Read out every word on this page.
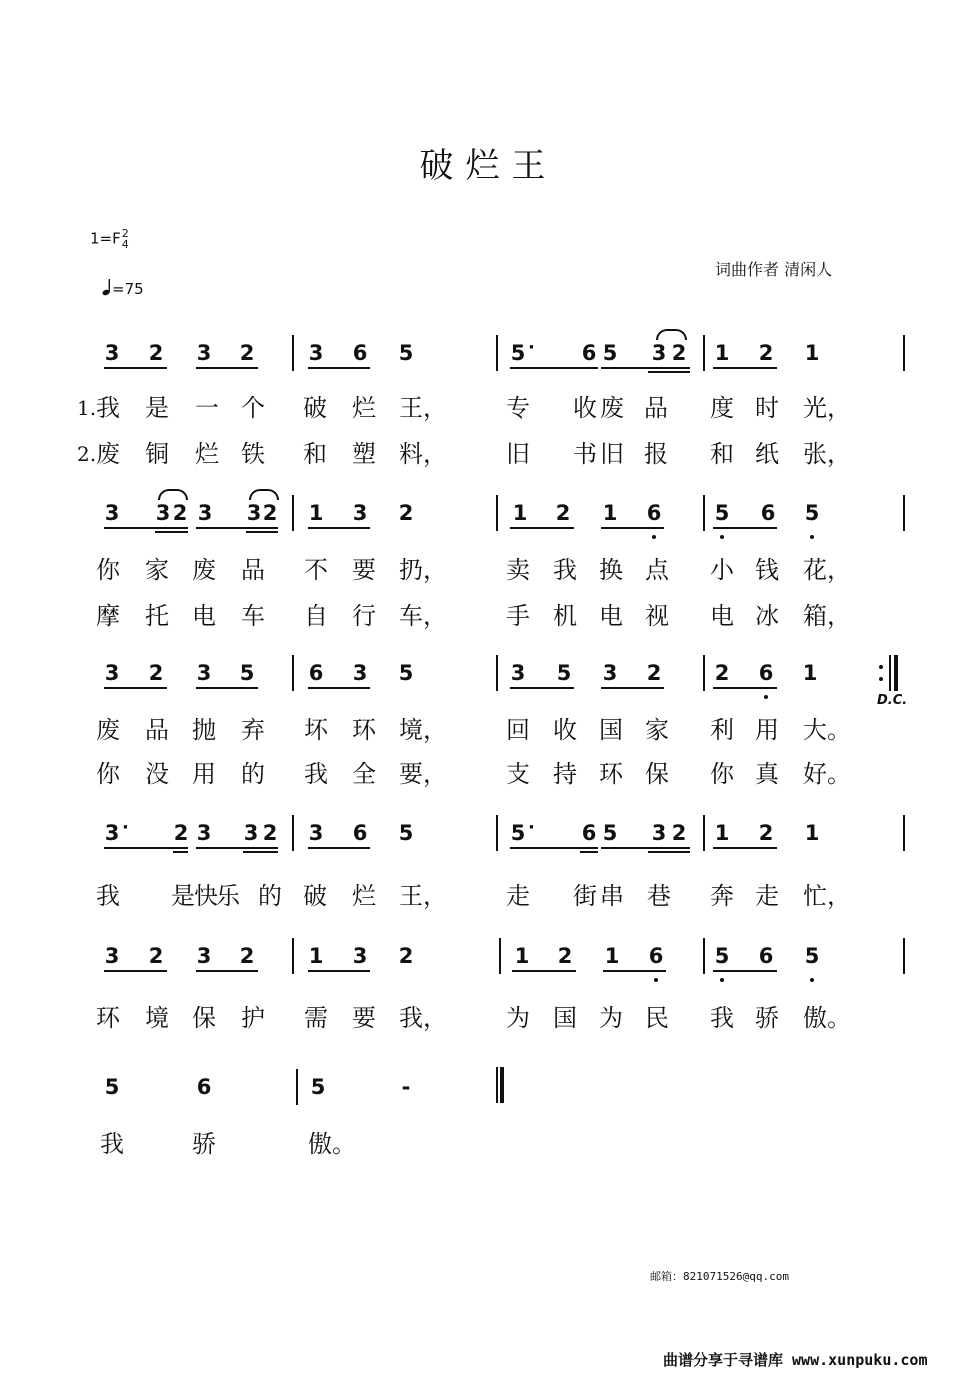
破烂王
1=F 2
4
=75
词曲作者 清闲人
1.
2.
3 2 3 2	3 6 5	5	6 5 3 2 1 2 1
·
我 是 一 个 破 烂 王， 专 收 废 品 度 时 光，
废 铜 烂 铁 和 塑 料， 旧 书 旧 报 和 纸 张，
3 3 2 3 3 2 1 3 2	1 2 1 6	5 6 5
你 家 废 品 不 要 扔， 卖 我 换 点 小 钱 花，
摩 托 电 车 自 行 车， 手 机 电 视 电 冰 箱，
3 2 3 5	6 3 5	3 5 3 2	2 6 1
废 品 抛 弃 坏 环 境， 回 收 国 家 利 用 大。
你 没 用 的 我 全 要， 支 持 环 保 你 真 好。
3	2 3 3 2 3 6 5	5	6 5 3 2 1 2 1
·	·
我 是 快
乐 的 破 烂 王， 走 街 串 巷 奔 走 忙，
3 2 3 2	1 3 2	1 2 1 6 5 6 5
环 境 保 护 需 要 我， 为 国 为 民 我 骄 傲。
5	6	5	-
我	骄	傲。
D.C.
邮箱：821071526@qq.com
曲谱分享于寻谱库 www.xunpuku.com
